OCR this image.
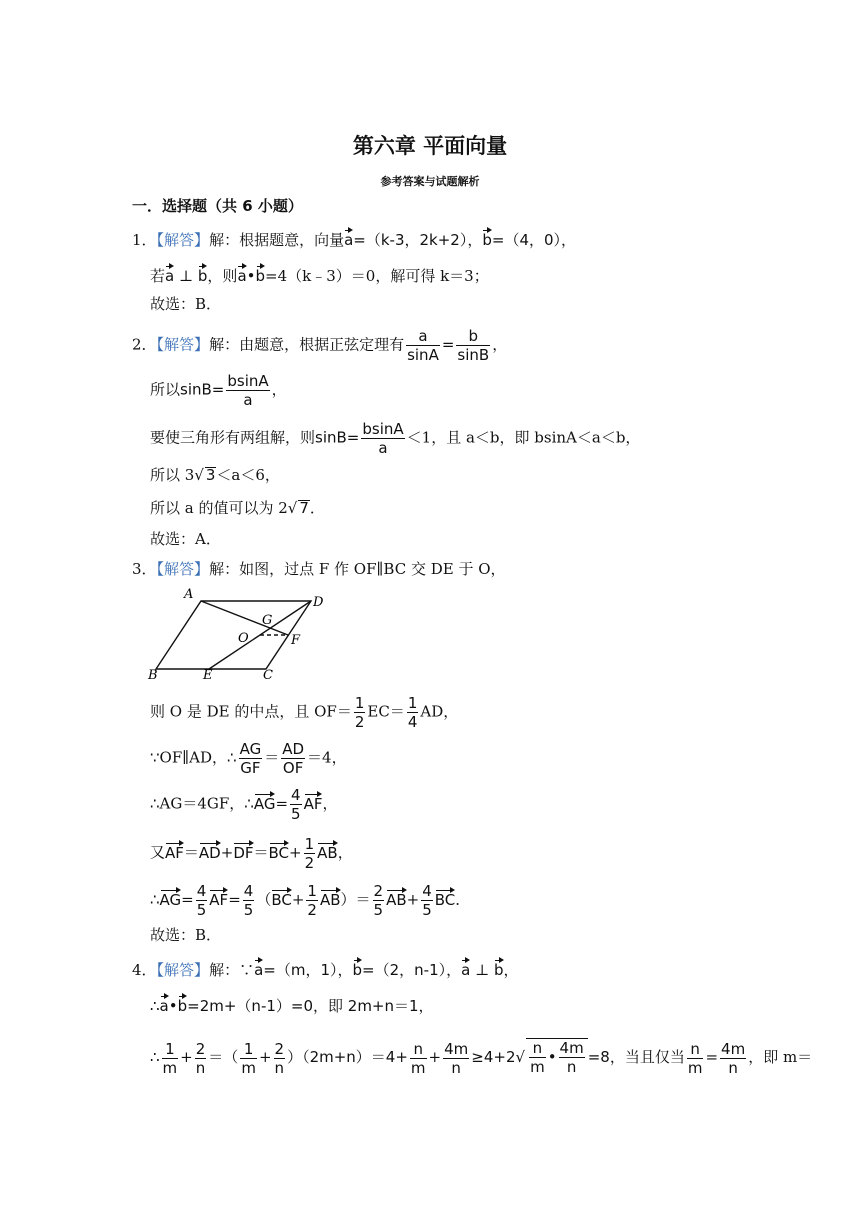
第六章 平面向量
参考答案与试题解析
一．选择题（共 6 小题）
1．【解答】解：根据题意，向量a=（k-3，2k+2），b=（4，0），
若a ⊥ b，则a•b=4（k﹣3）＝0，解可得 k＝3；
故选：B．
2．【解答】解：由题意，根据正弦定理有 $\frac{a}{\sin A} = \frac{b}{\sin B}$ ，
所以$\sin B= \frac{bsinA}{a}$ ，
要使三角形有两组解，则$\sin B= \frac{bsinA}{a} <1$，且 a＜b，即 bsinA＜a＜b，
所以 3√ 3＜a＜6，
所以 a 的值可以为 2√ 7．
故选：A．
3．【解答】解：如图，过点 F 作 OF∥BC 交 DE 于 O，
A
D
G
O	F
B	E	C
则 O 是 DE 的中点，且 $OF= \frac{1}{2} EC= \frac{1}{4}$ AD，
∵OF∥AD，∴ $\frac{AG}{GF} = \frac{AD}{OF} =4$，
∴AG＝4GF，∴AG= $\frac{4}{5}$ AF，
又$AF=AD+DF=BC+ \frac{1}{2}$ AB，
∴AG= $\frac{4}{5} AF= \frac{4}{5} (BC+ \frac{1}{2} AB)= \frac{2}{5} AB+ \frac{4}{5}$ BC．
故选：B．
4．【解答】解：∵a=（m，1），b=（2，n-1），a ⊥ b，
∴a•b=2m+（n-1）=0，即 2m+n＝1，
∴ $\frac{1}{m} + \frac{2}{n}$ ＝（ $\frac{1}{m} + \frac{2}{n} )(2m+n)=4+ \frac{n}{m} + \frac{4m}{n} \ge 4+2√ \frac{n}{m}$ • $\frac{4m}{n} =8$，当且仅当 $\frac{n}{m} = \frac{4m}{n}$ ，即 m＝
